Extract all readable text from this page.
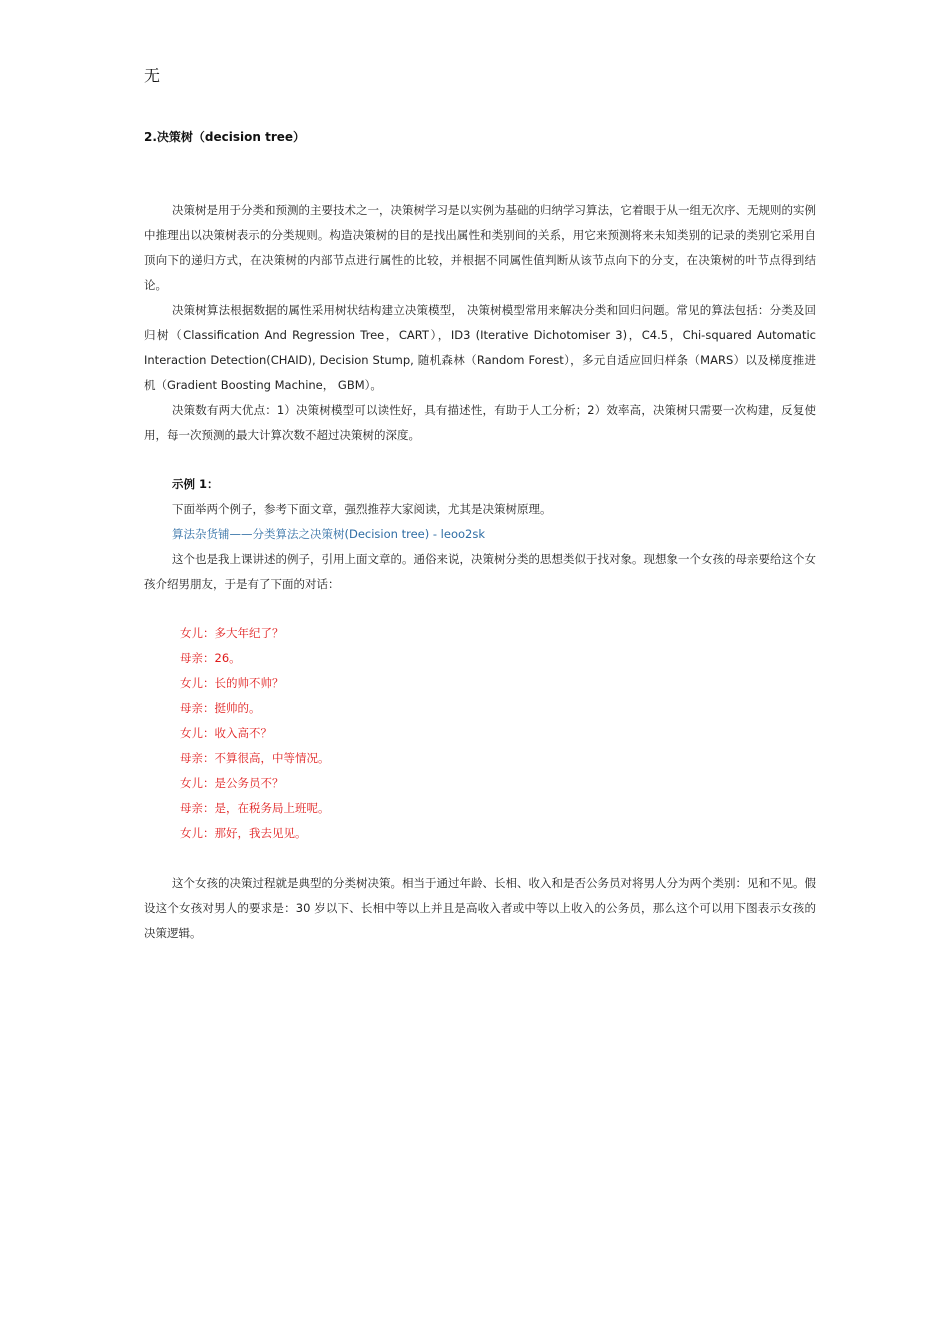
无
2.决策树（decision tree）

决策树是用于分类和预测的主要技术之一，决策树学习是以实例为基础的归纳学习算法，它着眼于从一组无次序、无规则的实例中推理出以决策树表示的分类规则。构造决策树的目的是找出属性和类别间的关系，用它来预测将来未知类别的记录的类别它采用自顶向下的递归方式，在决策树的内部节点进行属性的比较，并根据不同属性值判断从该节点向下的分支，在决策树的叶节点得到结论。

决策树算法根据数据的属性采用树状结构建立决策模型， 决策树模型常用来解决分类和回归问题。常见的算法包括：分类及回归树（Classification And Regression Tree，CART），ID3 (Iterative Dichotomiser 3)，C4.5，Chi-squared Automatic Interaction Detection(CHAID), Decision Stump, 随机森林（Random Forest），多元自适应回归样条（MARS）以及梯度推进机（Gradient Boosting Machine， GBM）。

决策数有两大优点：1）决策树模型可以读性好，具有描述性，有助于人工分析；2）效率高，决策树只需要一次构建，反复使用，每一次预测的最大计算次数不超过决策树的深度。

示例 1：

下面举两个例子，参考下面文章，强烈推荐大家阅读，尤其是决策树原理。

算法杂货铺——分类算法之决策树(Decision tree) - leoo2sk

这个也是我上课讲述的例子，引用上面文章的。通俗来说，决策树分类的思想类似于找对象。现想象一个女孩的母亲要给这个女孩介绍男朋友，于是有了下面的对话：

女儿：多大年纪了？

母亲：26。

女儿：长的帅不帅？

母亲：挺帅的。

女儿：收入高不？

母亲：不算很高，中等情况。

女儿：是公务员不？

母亲：是，在税务局上班呢。

女儿：那好，我去见见。

这个女孩的决策过程就是典型的分类树决策。相当于通过年龄、长相、收入和是否公务员对将男人分为两个类别：见和不见。假设这个女孩对男人的要求是：30 岁以下、长相中等以上并且是高收入者或中等以上收入的公务员，那么这个可以用下图表示女孩的决策逻辑。
